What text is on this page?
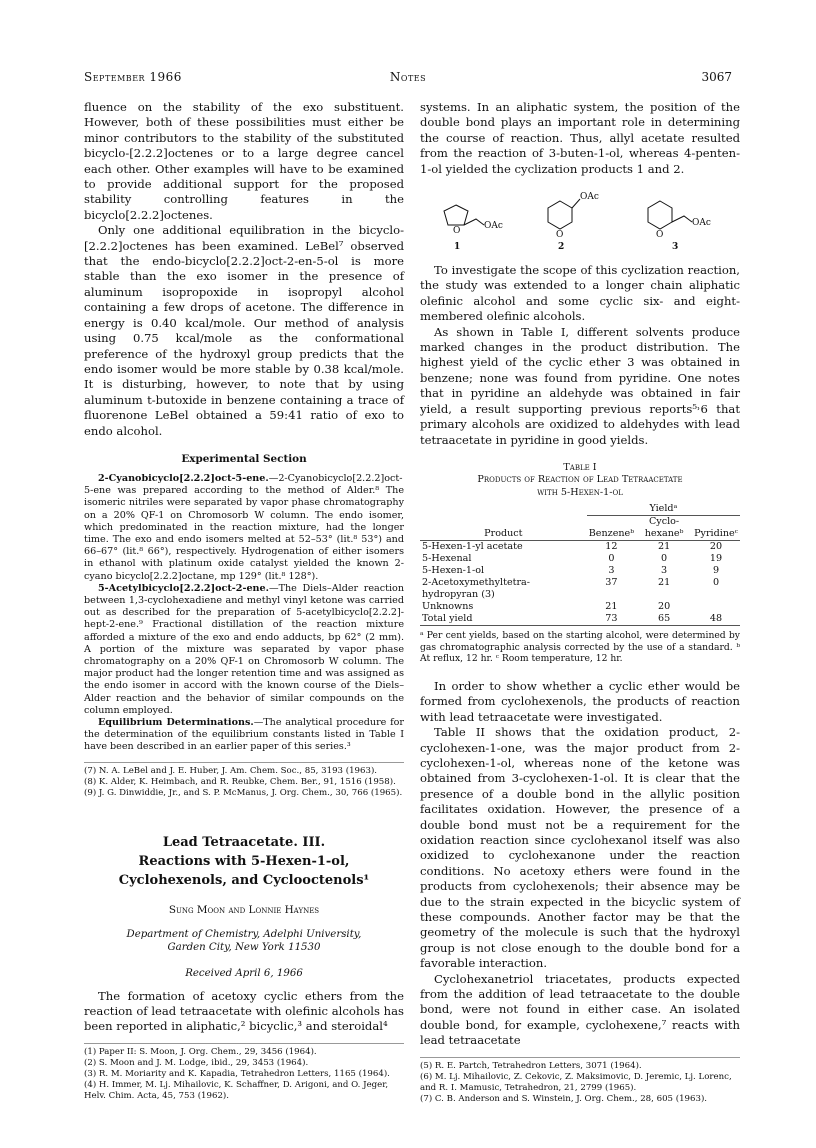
September 1966	Notes	3067

fluence on the stability of the exo substituent. However, both of these possibilities must either be minor contributors to the stability of the substituted bicyclo-[2.2.2]octenes or to a large degree cancel each other. Other examples will have to be examined to provide additional support for the proposed stability controlling features in the bicyclo[2.2.2]octenes.

Only one additional equilibration in the bicyclo-[2.2.2]octenes has been examined. LeBel⁷ observed that the endo-bicyclo[2.2.2]oct-2-en-5-ol is more stable than the exo isomer in the presence of aluminum isopropoxide in isopropyl alcohol containing a few drops of acetone. The difference in energy is 0.40 kcal/mole. Our method of analysis using 0.75 kcal/mole as the conformational preference of the hydroxyl group predicts that the endo isomer would be more stable by 0.38 kcal/mole. It is disturbing, however, to note that by using aluminum t-butoxide in benzene containing a trace of fluorenone LeBel obtained a 59:41 ratio of exo to endo alcohol.

Experimental Section

2-Cyanobicyclo[2.2.2]oct-5-ene.—2-Cyanobicyclo[2.2.2]oct-5-ene was prepared according to the method of Alder.⁸ The isomeric nitriles were separated by vapor phase chromatography on a 20% QF-1 on Chromosorb W column. The endo isomer, which predominated in the reaction mixture, had the longer time. The exo and endo isomers melted at 52–53° (lit.⁸ 53°) and 66–67° (lit.⁸ 66°), respectively. Hydrogenation of either isomers in ethanol with platinum oxide catalyst yielded the known 2-cyano bicyclo[2.2.2]octane, mp 129° (lit.⁸ 128°).

5-Acetylbicyclo[2.2.2]oct-2-ene.—The Diels–Alder reaction between 1,3-cyclohexadiene and methyl vinyl ketone was carried out as described for the preparation of 5-acetylbicyclo[2.2.2]-hept-2-ene.⁹ Fractional distillation of the reaction mixture afforded a mixture of the exo and endo adducts, bp 62° (2 mm). A portion of the mixture was separated by vapor phase chromatography on a 20% QF-1 on Chromosorb W column. The major product had the longer retention time and was assigned as the endo isomer in accord with the known course of the Diels–Alder reaction and the behavior of similar compounds on the column employed.

Equilibrium Determinations.—The analytical procedure for the determination of the equilibrium constants listed in Table I have been described in an earlier paper of this series.³

(7) N. A. LeBel and J. E. Huber, J. Am. Chem. Soc., 85, 3193 (1963).

(8) K. Alder, K. Heimbach, and R. Reubke, Chem. Ber., 91, 1516 (1958).

(9) J. G. Dinwiddie, Jr., and S. P. McManus, J. Org. Chem., 30, 766 (1965).

Lead Tetraacetate. III.
Reactions with 5-Hexen-1-ol,
Cyclohexenols, and Cyclooctenols¹
Sung Moon and Lonnie Haynes
Department of Chemistry, Adelphi University,
Garden City, New York 11530
Received April 6, 1966

The formation of acetoxy cyclic ethers from the reaction of lead tetraacetate with olefinic alcohols has been reported in aliphatic,² bicyclic,³ and steroidal⁴

(1) Paper II: S. Moon, J. Org. Chem., 29, 3456 (1964).

(2) S. Moon and J. M. Lodge, ibid., 29, 3453 (1964).

(3) R. M. Moriarity and K. Kapadia, Tetrahedron Letters, 1165 (1964).

(4) H. Immer, M. Lj. Mihailovic, K. Schaffner, D. Arigoni, and O. Jeger, Helv. Chim. Acta, 45, 753 (1962).

systems. In an aliphatic system, the position of the double bond plays an important role in determining the course of reaction. Thus, allyl acetate resulted from the reaction of 3-buten-1-ol, whereas 4-penten-1-ol yielded the cyclization products 1 and 2.

OAc
O
1
OAc
O
2
OAc
O
3

To investigate the scope of this cyclization reaction, the study was extended to a longer chain aliphatic olefinic alcohol and some cyclic six- and eight-membered olefinic alcohols.

As shown in Table I, different solvents produce marked changes in the product distribution. The highest yield of the cyclic ether 3 was obtained in benzene; none was found from pyridine. One notes that in pyridine an aldehyde was obtained in fair yield, a result supporting previous reports⁵˒6 that primary alcohols are oxidized to aldehydes with lead tetraacetate in pyridine in good yields.

Table I
Products of Reaction of Lead Tetraacetate
with 5-Hexen-1-ol
	Yieldᵃ		
Product	Benzeneᵇ	Cyclo-hexaneᵇ	Pyridineᶜ
5-Hexen-1-yl acetate	12	21	20
5-Hexenal	0	0	19
5-Hexen-1-ol	3	3	9
2-Acetoxymethyltetra-hydropyran (3)	37	21	0
Unknowns	21	20	
Total yield	73	65	48
ᵃ Per cent yields, based on the starting alcohol, were determined by gas chromatographic analysis corrected by the use of a standard. ᵇ At reflux, 12 hr. ᶜ Room temperature, 12 hr.

In order to show whether a cyclic ether would be formed from cyclohexenols, the products of reaction with lead tetraacetate were investigated.

Table II shows that the oxidation product, 2-cyclohexen-1-one, was the major product from 2-cyclohexen-1-ol, whereas none of the ketone was obtained from 3-cyclohexen-1-ol. It is clear that the presence of a double bond in the allylic position facilitates oxidation. However, the presence of a double bond must not be a requirement for the oxidation reaction since cyclohexanol itself was also oxidized to cyclohexanone under the reaction conditions. No acetoxy ethers were found in the products from cyclohexenols; their absence may be due to the strain expected in the bicyclic system of these compounds. Another factor may be that the geometry of the molecule is such that the hydroxyl group is not close enough to the double bond for a favorable interaction.

Cyclohexanetriol triacetates, products expected from the addition of lead tetraacetate to the double bond, were not found in either case. An isolated double bond, for example, cyclohexene,⁷ reacts with lead tetraacetate

(5) R. E. Partch, Tetrahedron Letters, 3071 (1964).

(6) M. Lj. Mihailovic, Z. Cekovic, Z. Maksimovic, D. Jeremic, Lj. Lorenc, and R. I. Mamusic, Tetrahedron, 21, 2799 (1965).

(7) C. B. Anderson and S. Winstein, J. Org. Chem., 28, 605 (1963).
